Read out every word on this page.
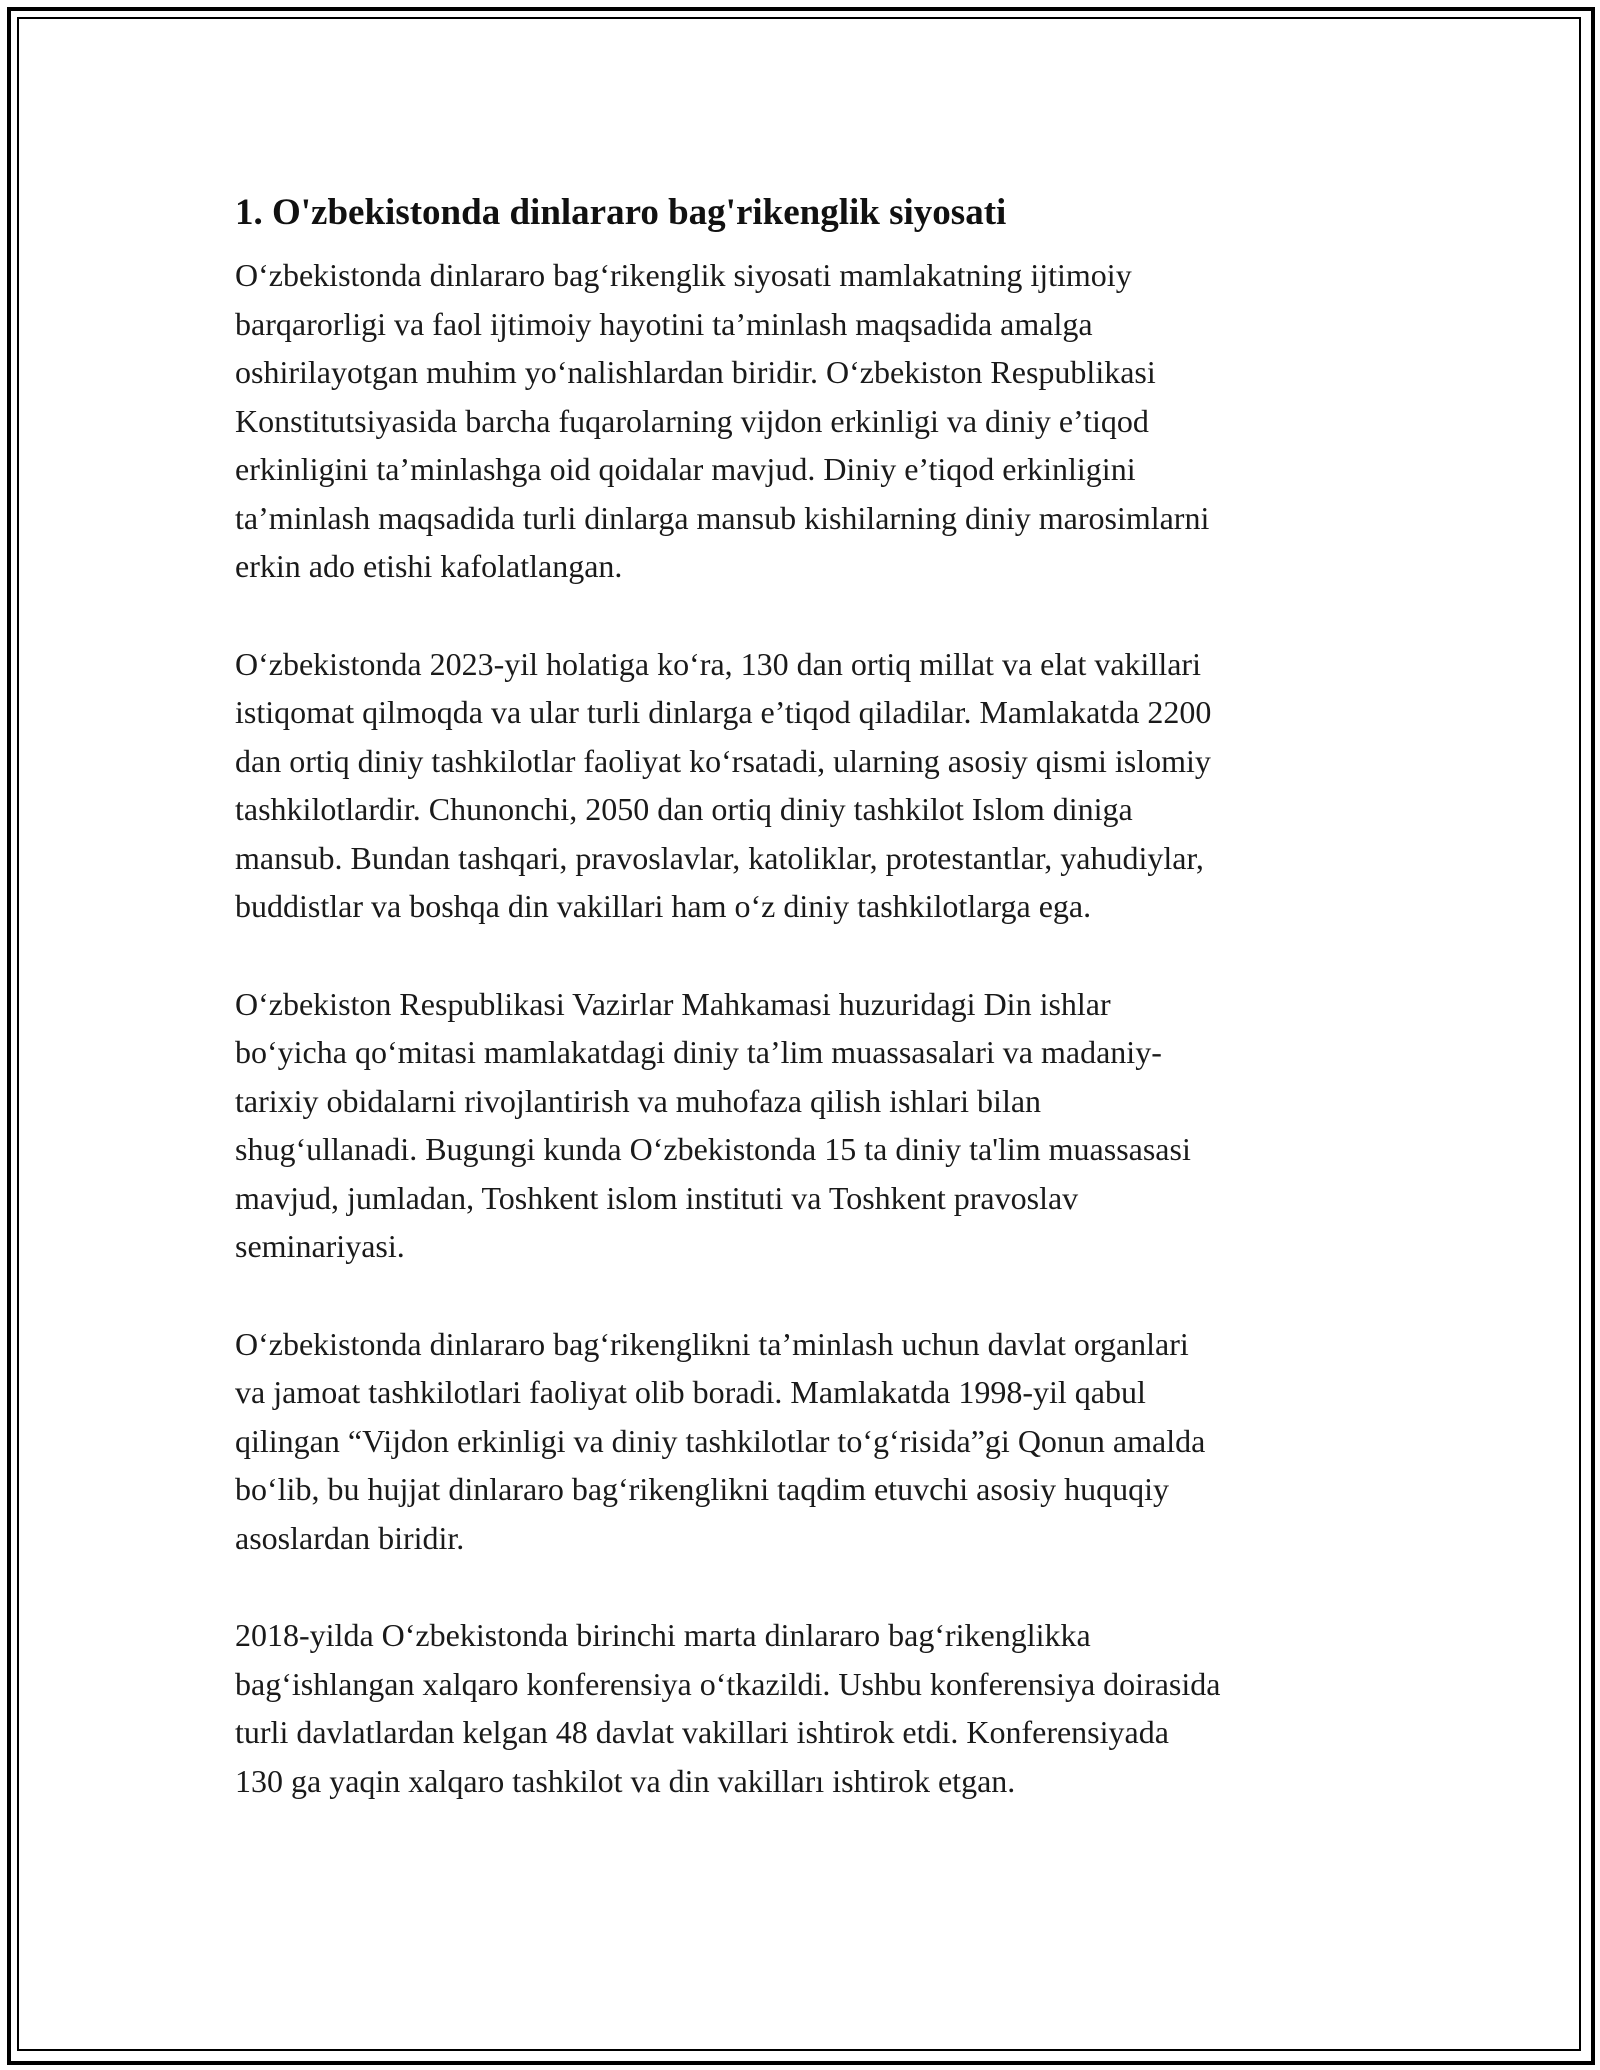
1. O'zbekistonda dinlararo bag'rikenglik siyosati

O‘zbekistonda dinlararo bag‘rikenglik siyosati mamlakatning ijtimoiy
barqarorligi va faol ijtimoiy hayotini ta’minlash maqsadida amalga
oshirilayotgan muhim yo‘nalishlardan biridir. O‘zbekiston Respublikasi
Konstitutsiyasida barcha fuqarolarning vijdon erkinligi va diniy e’tiqod
erkinligini ta’minlashga oid qoidalar mavjud. Diniy e’tiqod erkinligini
ta’minlash maqsadida turli dinlarga mansub kishilarning diniy marosimlarni
erkin ado etishi kafolatlangan.

O‘zbekistonda 2023-yil holatiga ko‘ra, 130 dan ortiq millat va elat vakillari
istiqomat qilmoqda va ular turli dinlarga e’tiqod qiladilar. Mamlakatda 2200
dan ortiq diniy tashkilotlar faoliyat ko‘rsatadi, ularning asosiy qismi islomiy
tashkilotlardir. Chunonchi, 2050 dan ortiq diniy tashkilot Islom diniga
mansub. Bundan tashqari, pravoslavlar, katoliklar, protestantlar, yahudiylar,
buddistlar va boshqa din vakillari ham o‘z diniy tashkilotlarga ega.

O‘zbekiston Respublikasi Vazirlar Mahkamasi huzuridagi Din ishlar
bo‘yicha qo‘mitasi mamlakatdagi diniy ta’lim muassasalari va madaniy-
tarixiy obidalarni rivojlantirish va muhofaza qilish ishlari bilan
shug‘ullanadi. Bugungi kunda O‘zbekistonda 15 ta diniy ta'lim muassasasi
mavjud, jumladan, Toshkent islom instituti va Toshkent pravoslav
seminariyasi.

O‘zbekistonda dinlararo bag‘rikenglikni ta’minlash uchun davlat organlari
va jamoat tashkilotlari faoliyat olib boradi. Mamlakatda 1998-yil qabul
qilingan “Vijdon erkinligi va diniy tashkilotlar to‘g‘risida”gi Qonun amalda
bo‘lib, bu hujjat dinlararo bag‘rikenglikni taqdim etuvchi asosiy huquqiy
asoslardan biridir.

2018-yilda O‘zbekistonda birinchi marta dinlararo bag‘rikenglikka
bag‘ishlangan xalqaro konferensiya o‘tkazildi. Ushbu konferensiya doirasida
turli davlatlardan kelgan 48 davlat vakillari ishtirok etdi. Konferensiyada
130 ga yaqin xalqaro tashkilot va din vakilları ishtirok etgan.
